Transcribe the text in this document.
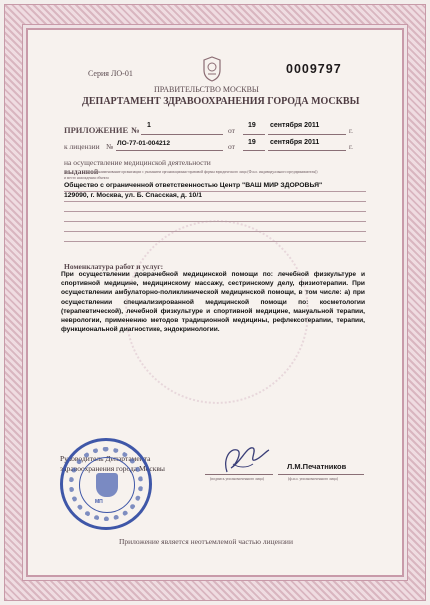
Серия ЛО-01	0009797
ПРАВИТЕЛЬСТВО МОСКВЫ
ДЕПАРТАМЕНТ ЗДРАВООХРАНЕНИЯ ГОРОДА МОСКВЫ
ПРИЛОЖЕНИЕ № 1
от
19 сентября 2011
г.
к лицензии № ЛО-77-01-004212	от 19 сентября 2011
г.
на осуществление медицинской деятельности
выданной
(наименование организации с указанием организационно-правовой формы юридического лица (Ф.и.о. индивидуального предпринимателя))
и место нахождения объекта
Общество с ограниченной ответственностью Центр "ВАШ МИР ЗДОРОВЬЯ"
129090, г. Москва, ул. Б. Спасская, д. 10/1
Номенклатура работ и услуг:
При осуществлении доврачебной медицинской помощи по: лечебной физкультуре и спортивной медицине, медицинскому массажу, сестринскому делу, физиотерапии. При осуществлении амбулаторно-поликлинической медицинской помощи, в том числе: а) при осуществлении специализированной медицинской помощи по: косметологии (терапевтической), лечебной физкультуре и спортивной медицине, мануальной терапии, неврологии, применению методов традиционной медицины, рефлексотерапии, терапии, функциональной диагностике, эндокринологии.
Руководитель Департамента
здравоохранения города Москвы
(подпись уполномоченного лица)
Л.М.Печатников
(ф.и.о. уполномоченного лица)
МП
Приложение является неотъемлемой частью лицензии
